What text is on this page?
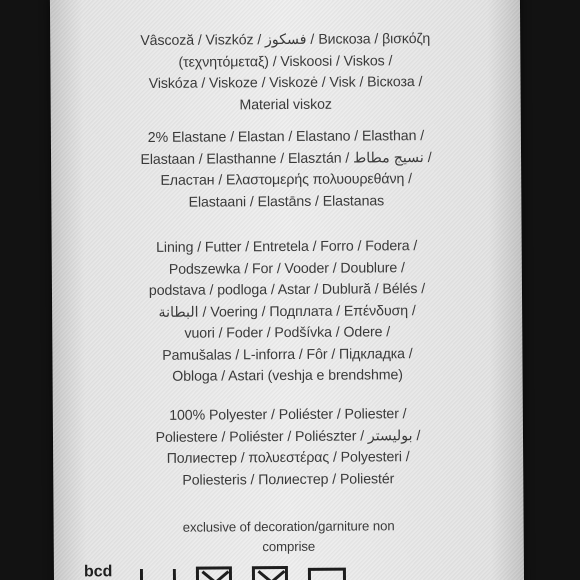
Vâscoză / Viszkóz / فسكوز / Вискоза / βισκόζη
(τεχνητόμεταξ) / Viskoosi / Viskos /
Viskóza / Viskoze / Viskozė / Visk / Віскоза /
Material viskoz
2% Elastane / Elastan / Elastano / Elasthan /
Elastaan / Elasthanne / Elasztán / نسيج مطاط /
Еластан / Ελαστομερής πολυουρεθάνη /
Elastaani / Elastāns / Elastanas
Lining / Futter / Entretela / Forro / Fodera /
Podszewka / For / Vooder / Doublure /
podstava / podloga / Astar / Dublură / Bélés /
البطانة / Voering / Подплата / Επένδυση /
vuori / Foder / Podšívka / Odere /
Pamušalas / L-inforra / Fôr / Підкладка /
Obloga / Astari (veshja e brendshme)
100% Polyester / Poliéster / Poliester /
Poliestere / Poliéster / Poliészter / بوليستر /
Полиестер / πολυεστέρας / Polyesteri /
Poliesteris / Полиестер / Poliestér
exclusive of decoration/garniture non
comprise
bcd
